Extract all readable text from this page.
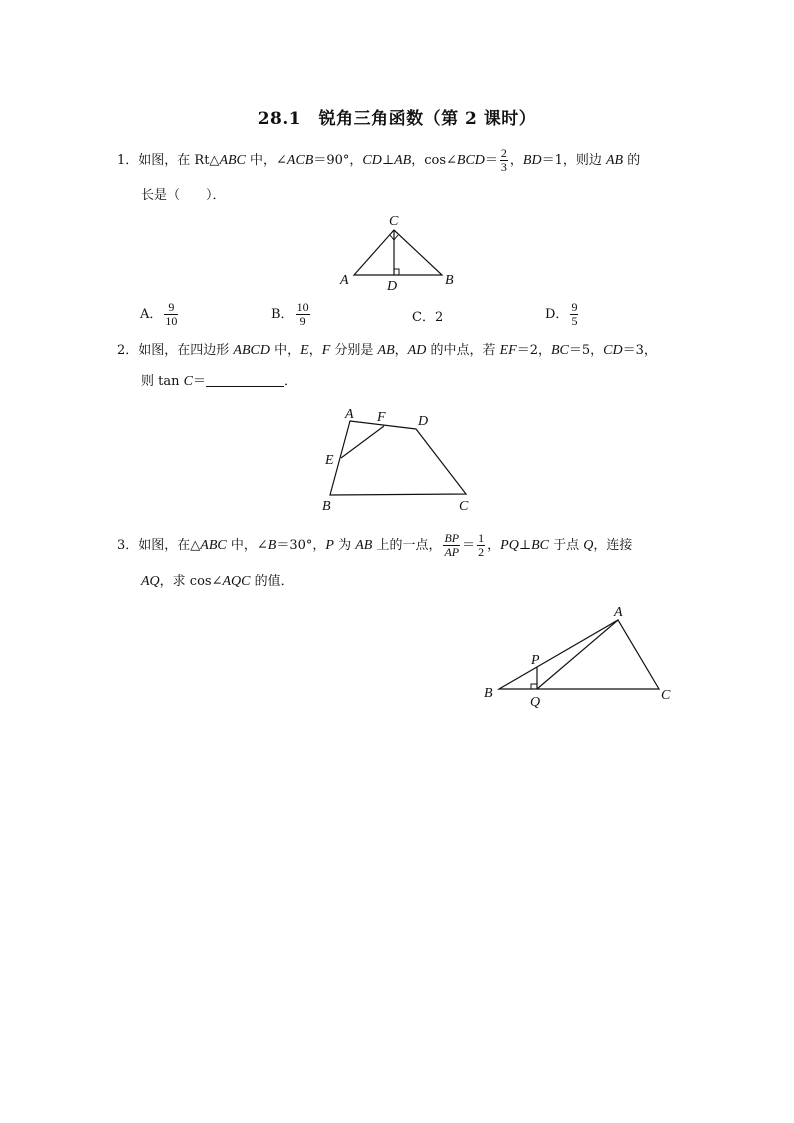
28.1　锐角三角函数（第 2 课时）
1．如图，在 Rt△ABC 中，∠ACB＝90°，CD⊥AB，cos∠BCD＝ $\frac{2}{3}$ ，BD＝1，则边 AB 的
长是（　　）．
C
A	B
D
A． $\frac{9}{10}$	B． $\frac{10}{9}$	C．2	D． $\frac{9}{5}$
2．如图，在四边形 ABCD 中，E，F 分别是 AB，AD 的中点，若 EF＝2，BC＝5，CD＝3，
则 tan C＝	．
A F D
E
B	C
3．如图，在△ABC 中，∠B＝30°，P 为 AB 上的一点， $\frac{BP}{AP} = \frac{1}{2}$ ，PQ⊥BC 于点 Q，连接
AQ，求 cos∠AQC 的值．
A
P
B
Q	C
